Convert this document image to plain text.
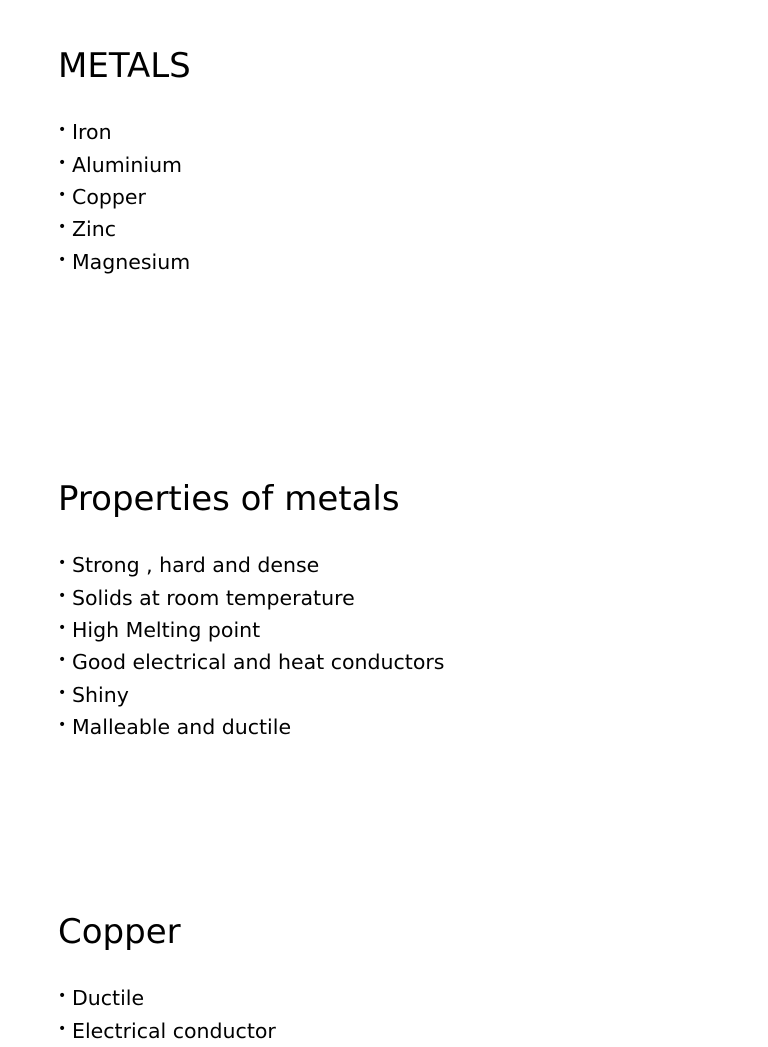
METALS
• Iron
• Aluminium
• Copper
• Zinc
• Magnesium
Properties of metals
• Strong , hard and dense
• Solids at room temperature
• High Melting point
• Good electrical and heat conductors
• Shiny
• Malleable and ductile
Copper
• Ductile
• Electrical conductor
